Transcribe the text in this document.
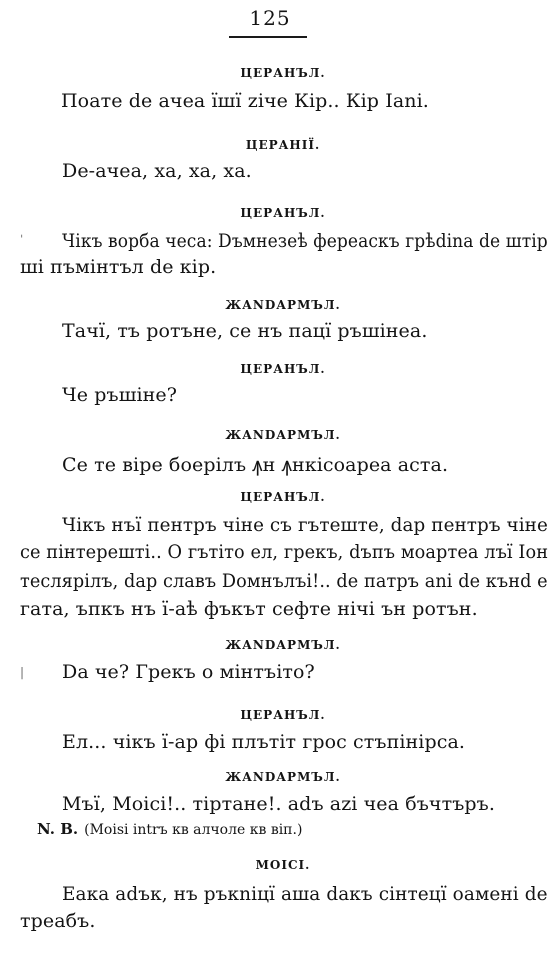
125
ЦЕРАНЪЛ.
Поате de ачеа їшї zіче Кір.. Кір Іanі.
ЦЕРАНІЇ.
De-ачеа, ха, ха, ха.
ЦЕРАНЪЛ.
Чікъ ворба чеса: Dъмнезеѣ фереаскъ грѣdina de штір
ші пъмінтъл de кір.
ЖАNDАРМЪЛ.
Тачї, тъ ротъне, се нъ пацї ръшінеа.
ЦЕРАНЪЛ.
Че ръшіне?
ЖАNDАРМЪЛ.
Се те віре боерілъ ꙟн ꙟнкісоареа аста.
ЦЕРАНЪЛ.
Чікъ нъї пентръ чіне съ гътеште, dар пентръ чіне
се пінтерешті.. О гътіто ел, грекъ, dъпъ моартеа лъї Іон
теслярілъ, dар славъ Dомнълъі!.. de патръ anі de кънd е
гата, ъпкъ нъ ї-аѣ фъкът сефте нічі ън ротън.
ЖАNDАРМЪЛ.
Da че? Грекъ о мінтъіто?
ЦЕРАНЪЛ.
Ел... чікъ ї-ар фі плътіт грос стъпінірса.
ЖАNDАРМЪЛ.
Мъї, Моісі!.. тіртане!. adъ azі чеа бъчтъръ.
N. B. (Moisi intrъ кв алчоле кв віп.)
МОІСІ.
Еака adък, нъ ръкnіцї аша dакъ сінтецї оамені de
треабъ.
ˈ
|
